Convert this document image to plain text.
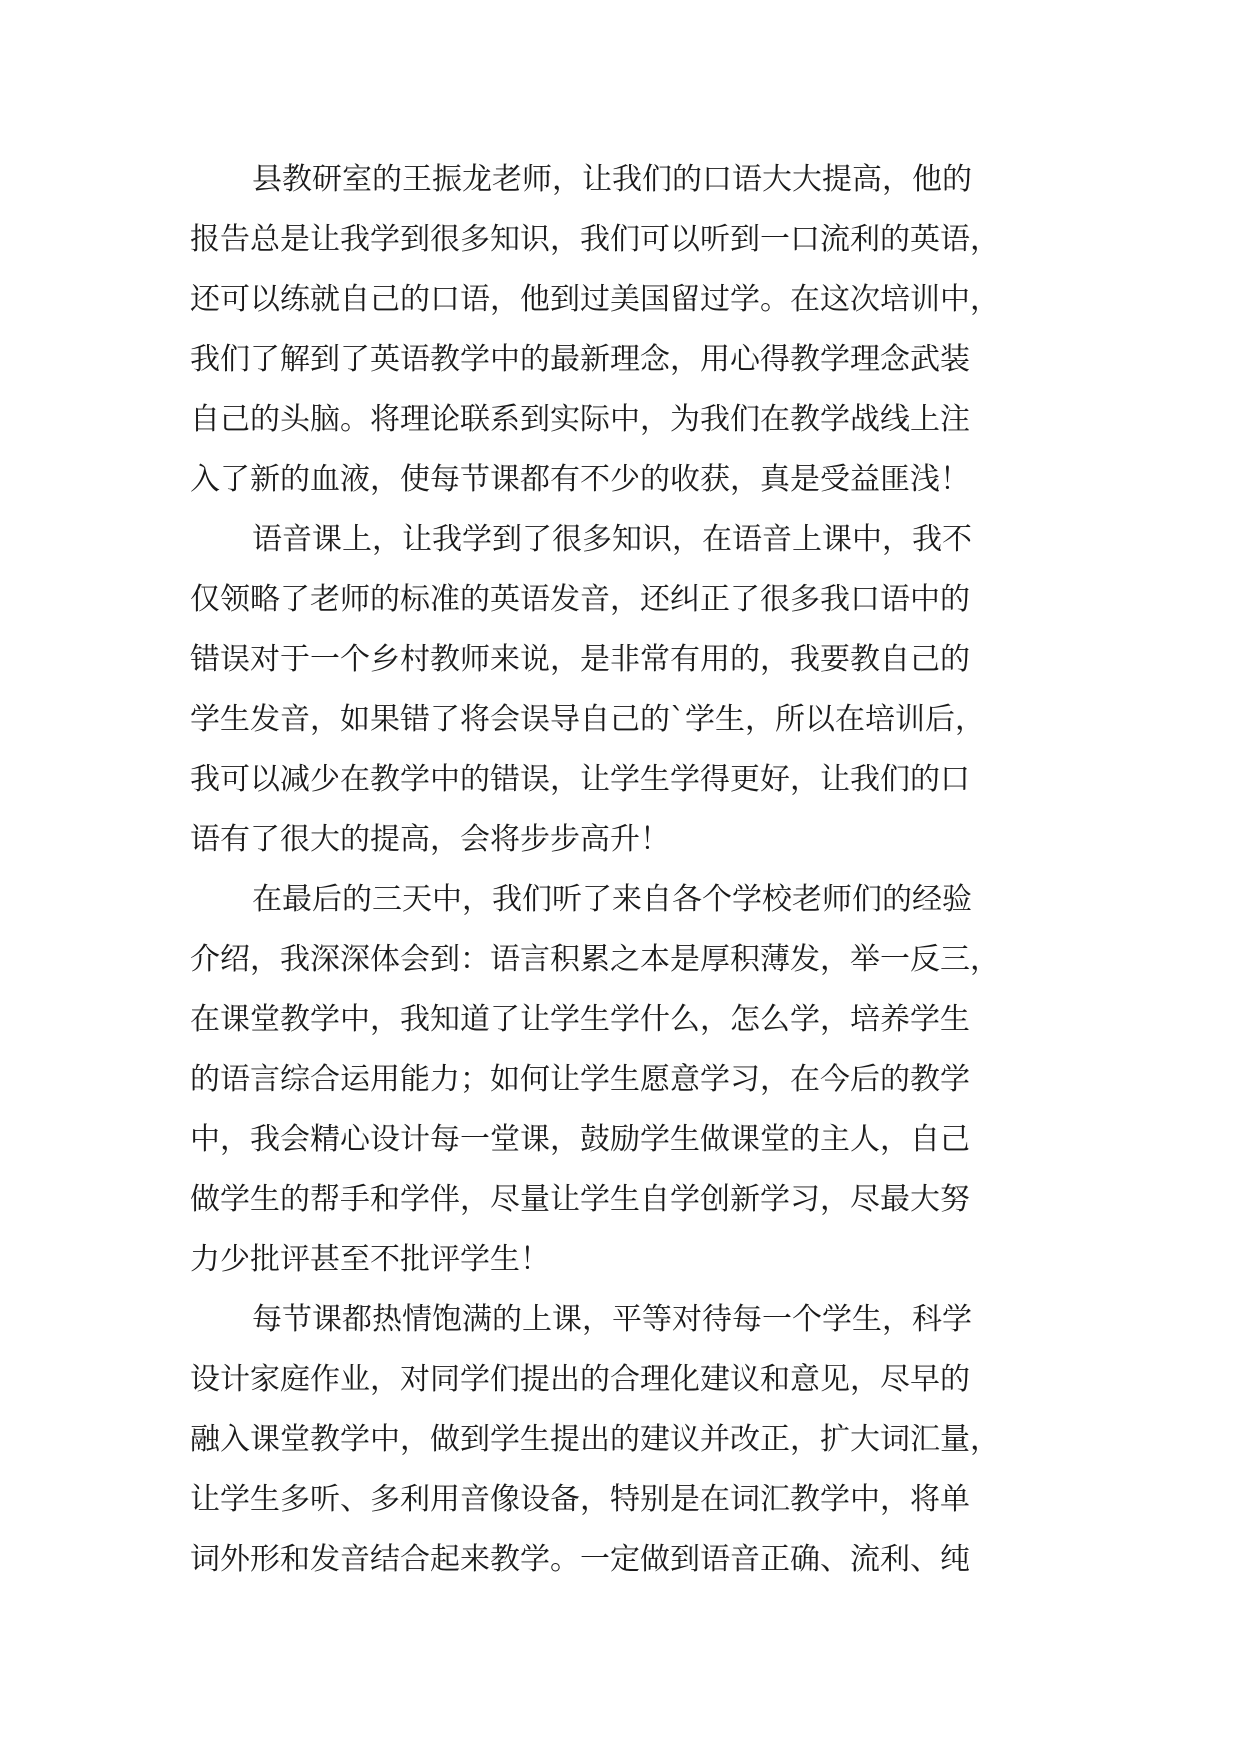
县教研室的王振龙老师，让我们的口语大大提高，他的
报告总是让我学到很多知识，我们可以听到一口流利的英语，
还可以练就自己的口语，他到过美国留过学。在这次培训中，
我们了解到了英语教学中的最新理念，用心得教学理念武装
自己的头脑。将理论联系到实际中，为我们在教学战线上注
入了新的血液，使每节课都有不少的收获，真是受益匪浅！
语音课上，让我学到了很多知识，在语音上课中，我不
仅领略了老师的标准的英语发音，还纠正了很多我口语中的
错误对于一个乡村教师来说，是非常有用的，我要教自己的
学生发音，如果错了将会误导自己的`学生，所以在培训后，
我可以减少在教学中的错误，让学生学得更好，让我们的口
语有了很大的提高，会将步步高升！
在最后的三天中，我们听了来自各个学校老师们的经验
介绍，我深深体会到：语言积累之本是厚积薄发，举一反三，
在课堂教学中，我知道了让学生学什么，怎么学，培养学生
的语言综合运用能力；如何让学生愿意学习，在今后的教学
中，我会精心设计每一堂课，鼓励学生做课堂的主人，自己
做学生的帮手和学伴，尽量让学生自学创新学习，尽最大努
力少批评甚至不批评学生！
每节课都热情饱满的上课，平等对待每一个学生，科学
设计家庭作业，对同学们提出的合理化建议和意见，尽早的
融入课堂教学中，做到学生提出的建议并改正，扩大词汇量，
让学生多听、多利用音像设备，特别是在词汇教学中，将单
词外形和发音结合起来教学。一定做到语音正确、流利、纯
